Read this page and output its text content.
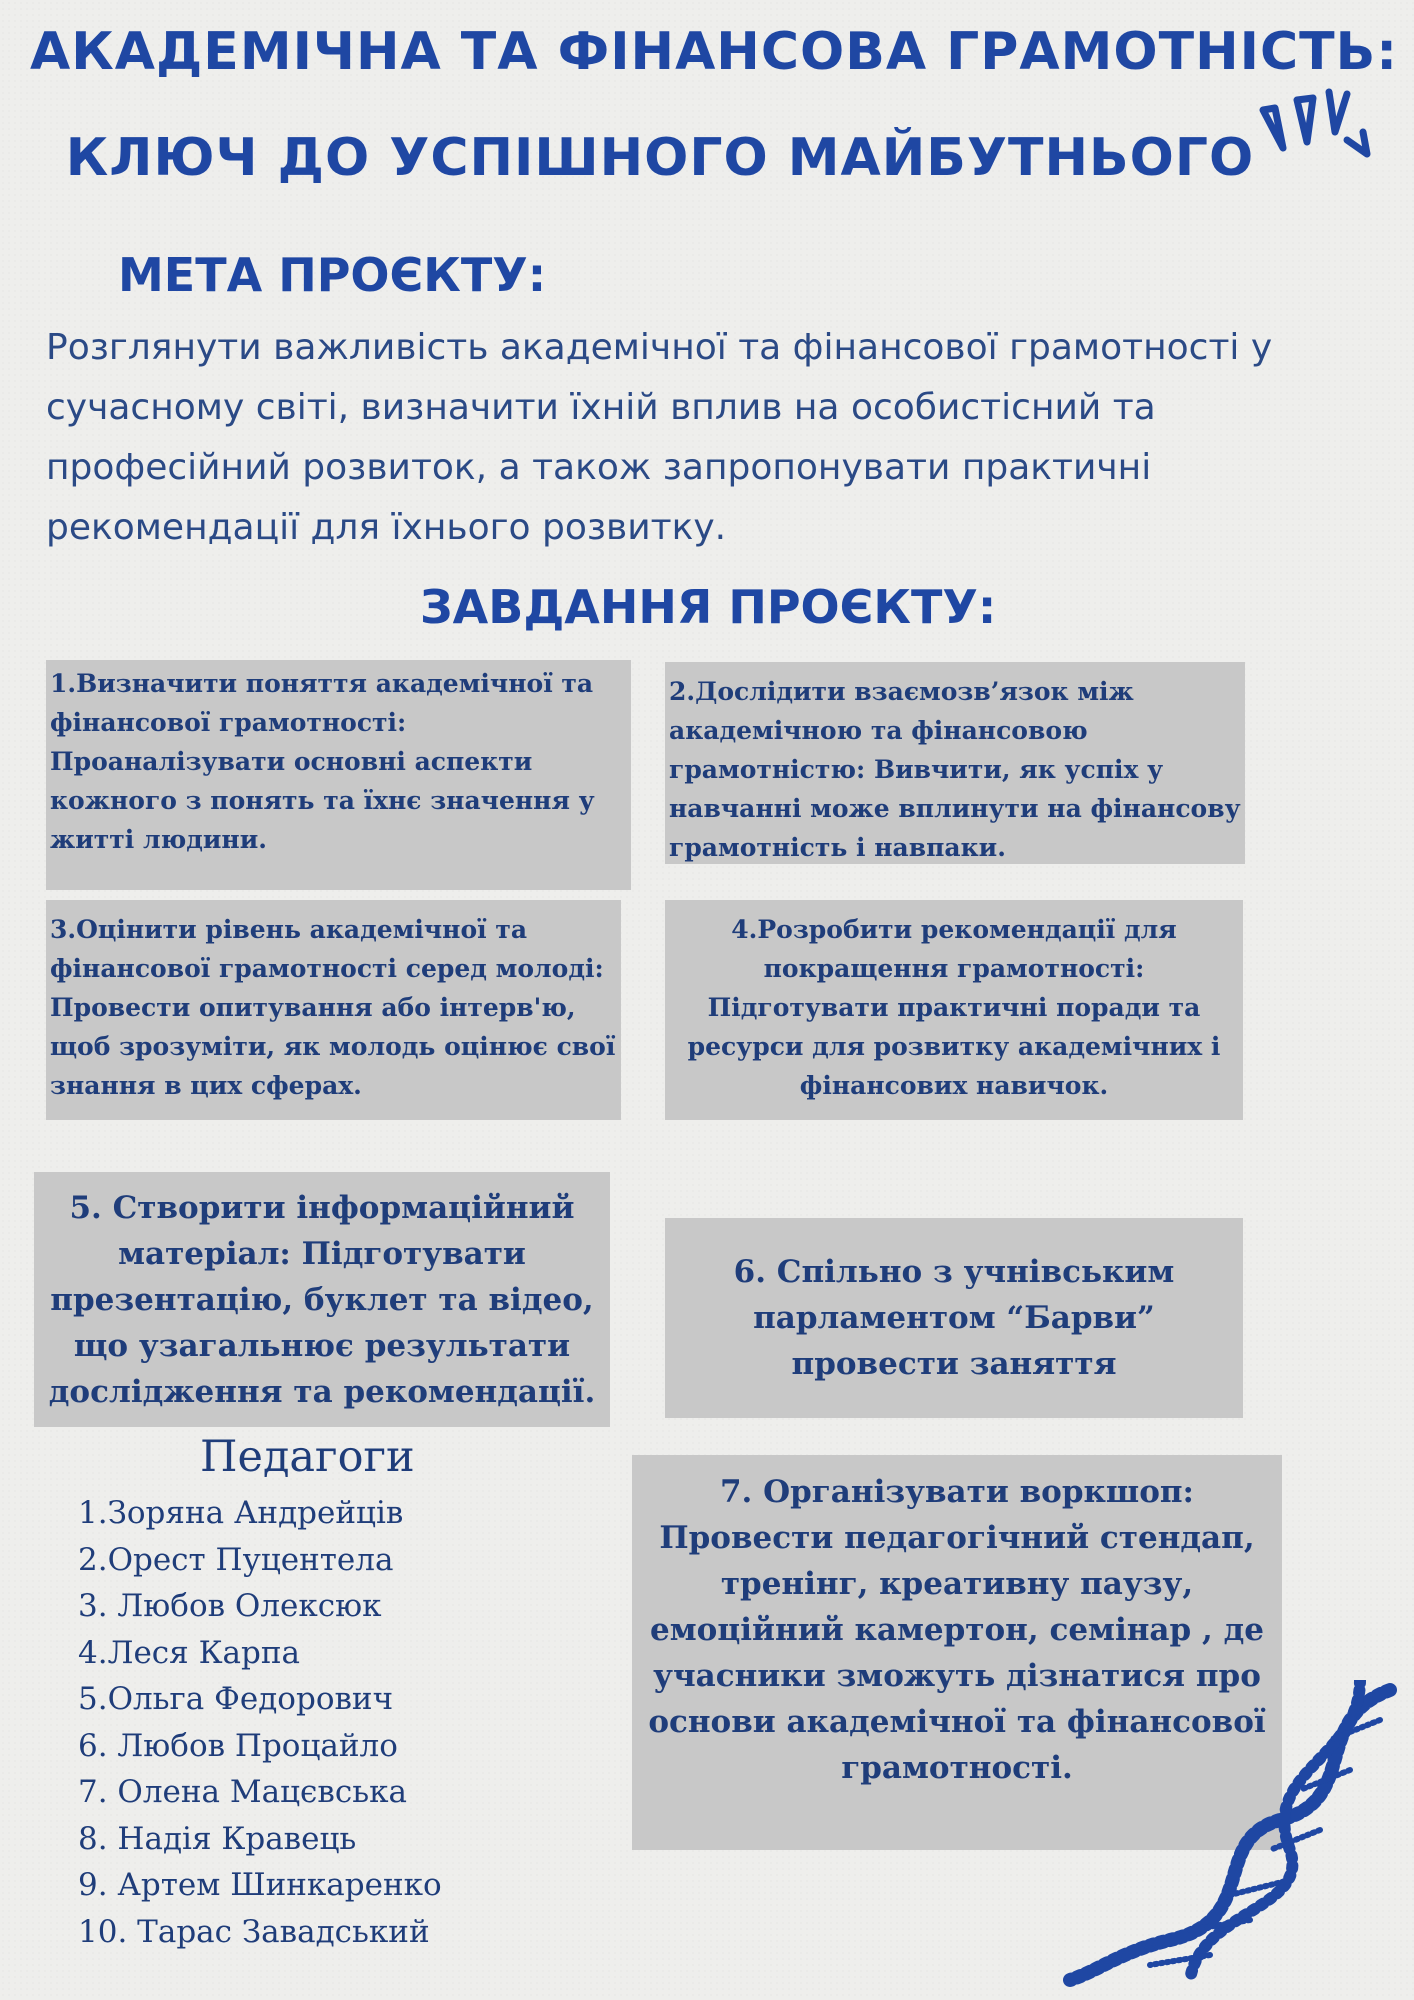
АКАДЕМІЧНА ТА ФІНАНСОВА ГРАМОТНІСТЬ:
КЛЮЧ ДО УСПІШНОГО МАЙБУТНЬОГО
МЕТА ПРОЄКТУ:

Розглянути важливість академічної та фінансової грамотності у сучасному світі, визначити їхній вплив на особистісний та професійний розвиток, а також запропонувати практичні рекомендації для їхнього розвитку.

ЗАВДАННЯ ПРОЄКТУ:
1.Визначити поняття академічної та фінансової грамотності: Проаналізувати основні аспекти кожного з понять та їхнє значення у житті людини.
2.Дослідити взаємозв’язок між академічною та фінансовою грамотністю: Вивчити, як успіх у навчанні може вплинути на фінансову грамотність і навпаки.
3.Оцінити рівень академічної та фінансової грамотності серед молоді: Провести опитування або інтерв'ю, щоб зрозуміти, як молодь оцінює свої знання в цих сферах.
4.Розробити рекомендації для покращення грамотності: Підготувати практичні поради та ресурси для розвитку академічних і фінансових навичок.
5. Створити інформаційний матеріал: Підготувати презентацію, буклет та відео, що узагальнює результати дослідження та рекомендації.
6. Спільно з учнівським парламентом “Барви” провести заняття
7. Організувати воркшоп: Провести педагогічний стендап, тренінг, креативну паузу, емоційний камертон, семінар , де учасники зможуть дізнатися про основи академічної та фінансової грамотності.
Педагоги
1.Зоряна Андрейців
2.Орест Пуцентела
3. Любов Олексюк
4.Леся Карпа
5.Ольга Федорович
6. Любов Процайло
7. Олена Мацєвська
8. Надія Кравець
9. Артем Шинкаренко
10. Тарас Завадський
